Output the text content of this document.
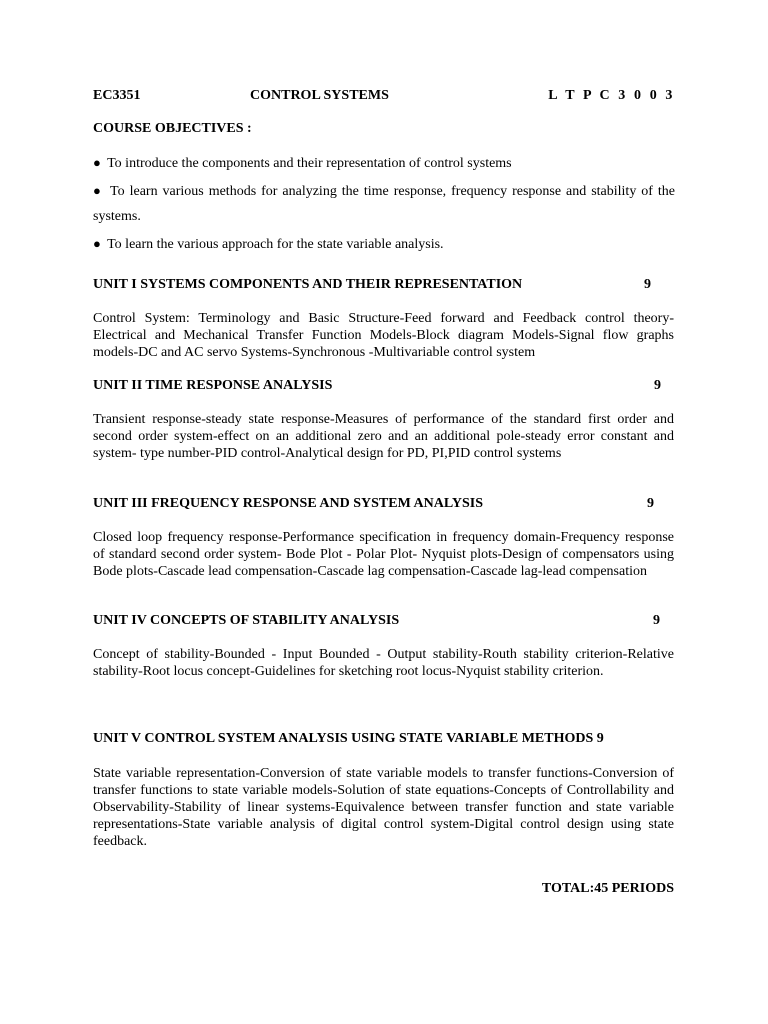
EC3351	CONTROL SYSTEMS	L T P C 3 0 0 3
COURSE OBJECTIVES :
● To introduce the components and their representation of control systems
● To learn various methods for analyzing the time response, frequency response and stability of the systems.
● To learn the various approach for the state variable analysis.
UNIT I SYSTEMS COMPONENTS AND THEIR REPRESENTATION	9
Control System: Terminology and Basic Structure-Feed forward and Feedback control theory-Electrical and Mechanical Transfer Function Models-Block diagram Models-Signal flow graphs models-DC and AC servo Systems-Synchronous -Multivariable control system
UNIT II TIME RESPONSE ANALYSIS	9
Transient response-steady state response-Measures of performance of the standard first order and second order system-effect on an additional zero and an additional pole-steady error constant and system- type number-PID control-Analytical design for PD, PI,PID control systems
UNIT III FREQUENCY RESPONSE AND SYSTEM ANALYSIS	9
Closed loop frequency response-Performance specification in frequency domain-Frequency response of standard second order system- Bode Plot - Polar Plot- Nyquist plots-Design of compensators using Bode plots-Cascade lead compensation-Cascade lag compensation-Cascade lag-lead compensation
UNIT IV CONCEPTS OF STABILITY ANALYSIS	9
Concept of stability-Bounded - Input Bounded - Output stability-Routh stability criterion-Relative stability-Root locus concept-Guidelines for sketching root locus-Nyquist stability criterion.
UNIT V CONTROL SYSTEM ANALYSIS USING STATE VARIABLE METHODS 9
State variable representation-Conversion of state variable models to transfer functions-Conversion of transfer functions to state variable models-Solution of state equations-Concepts of Controllability and Observability-Stability of linear systems-Equivalence between transfer function and state variable representations-State variable analysis of digital control system-Digital control design using state feedback.
TOTAL:45 PERIODS
